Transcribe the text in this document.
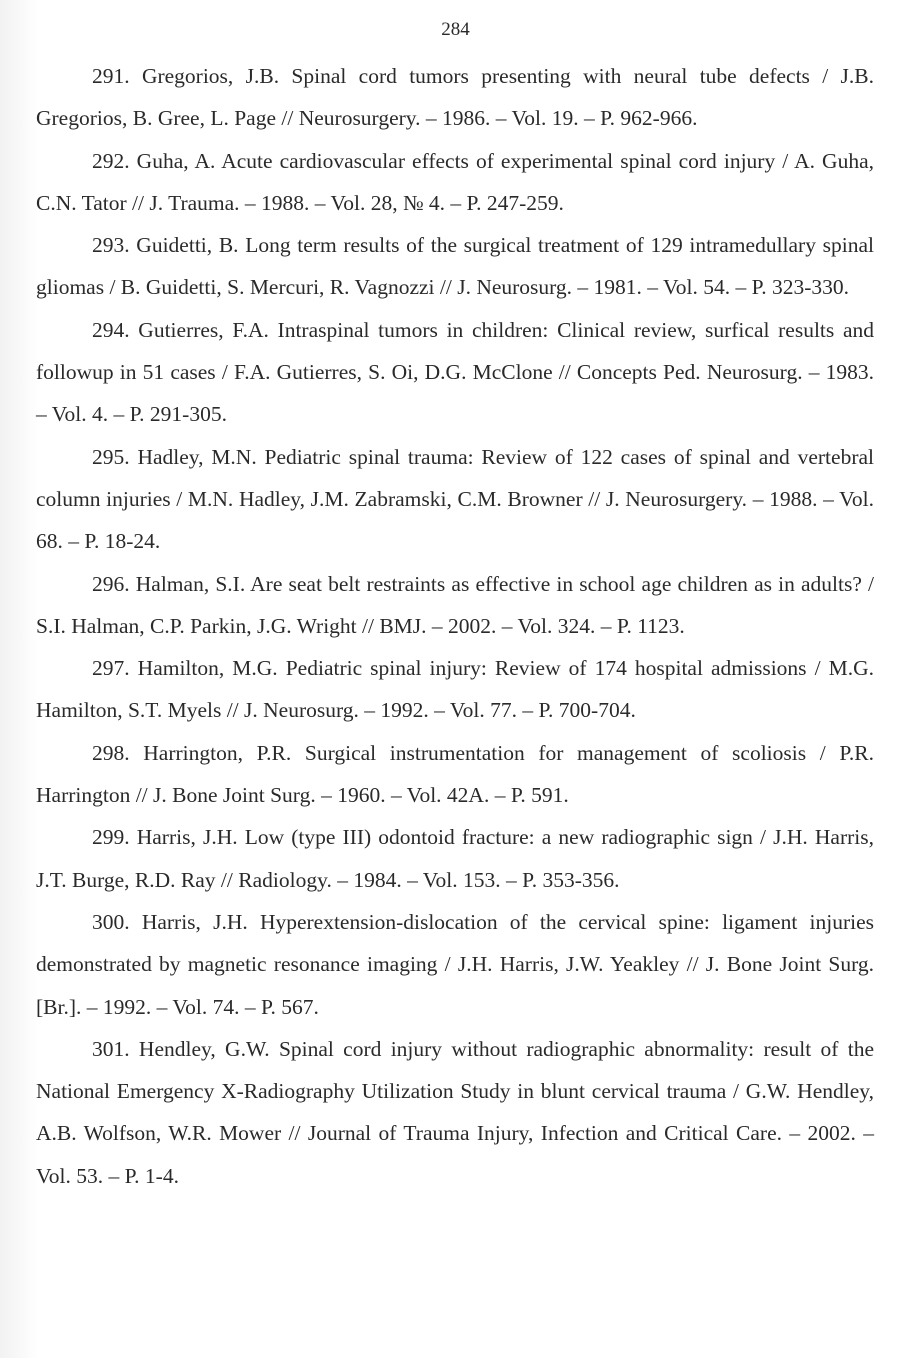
284

291. Gregorios, J.B. Spinal cord tumors presenting with neural tube defects / J.B. Gregorios, B. Gree, L. Page // Neurosurgery. – 1986. – Vol. 19. – P. 962-966.

292. Guha, A. Acute cardiovascular effects of experimental spinal cord injury / A. Guha, C.N. Tator // J. Trauma. – 1988. – Vol. 28, № 4. – P. 247-259.

293. Guidetti, B. Long term results of the surgical treatment of 129 intramedullary spinal gliomas / B. Guidetti, S. Mercuri, R. Vagnozzi // J. Neurosurg. – 1981. – Vol. 54. – P. 323-330.

294. Gutierres, F.A. Intraspinal tumors in children: Clinical review, surfical results and followup in 51 cases / F.A. Gutierres, S. Oi, D.G. McClone // Concepts Ped. Neurosurg. – 1983. – Vol. 4. – P. 291-305.

295. Hadley, M.N. Pediatric spinal trauma: Review of 122 cases of spinal and vertebral column injuries / M.N. Hadley, J.M. Zabramski, C.M. Browner // J. Neurosurgery. – 1988. – Vol. 68. – P. 18-24.

296. Halman, S.I. Are seat belt restraints as effective in school age children as in adults? / S.I. Halman, C.P. Parkin, J.G. Wright // BMJ. – 2002. – Vol. 324. – P. 1123.

297. Hamilton, M.G. Pediatric spinal injury: Review of 174 hospital admissions / M.G. Hamilton, S.T. Myels // J. Neurosurg. – 1992. – Vol. 77. – P. 700-704.

298. Harrington, P.R. Surgical instrumentation for management of scoliosis / P.R. Harrington // J. Bone Joint Surg. – 1960. – Vol. 42A. – P. 591.

299. Harris, J.H. Low (type III) odontoid fracture: a new radiographic sign / J.H. Harris, J.T. Burge, R.D. Ray // Radiology. – 1984. – Vol. 153. – P. 353-356.

300. Harris, J.H. Hyperextension-dislocation of the cervical spine: ligament injuries demonstrated by magnetic resonance imaging / J.H. Harris, J.W. Yeakley // J. Bone Joint Surg. [Br.]. – 1992. – Vol. 74. – P. 567.

301. Hendley, G.W. Spinal cord injury without radiographic abnormality: result of the National Emergency X-Radiography Utilization Study in blunt cervical trauma / G.W. Hendley, A.B. Wolfson, W.R. Mower // Journal of Trauma Injury, Infection and Critical Care. – 2002. – Vol. 53. – P. 1-4.
